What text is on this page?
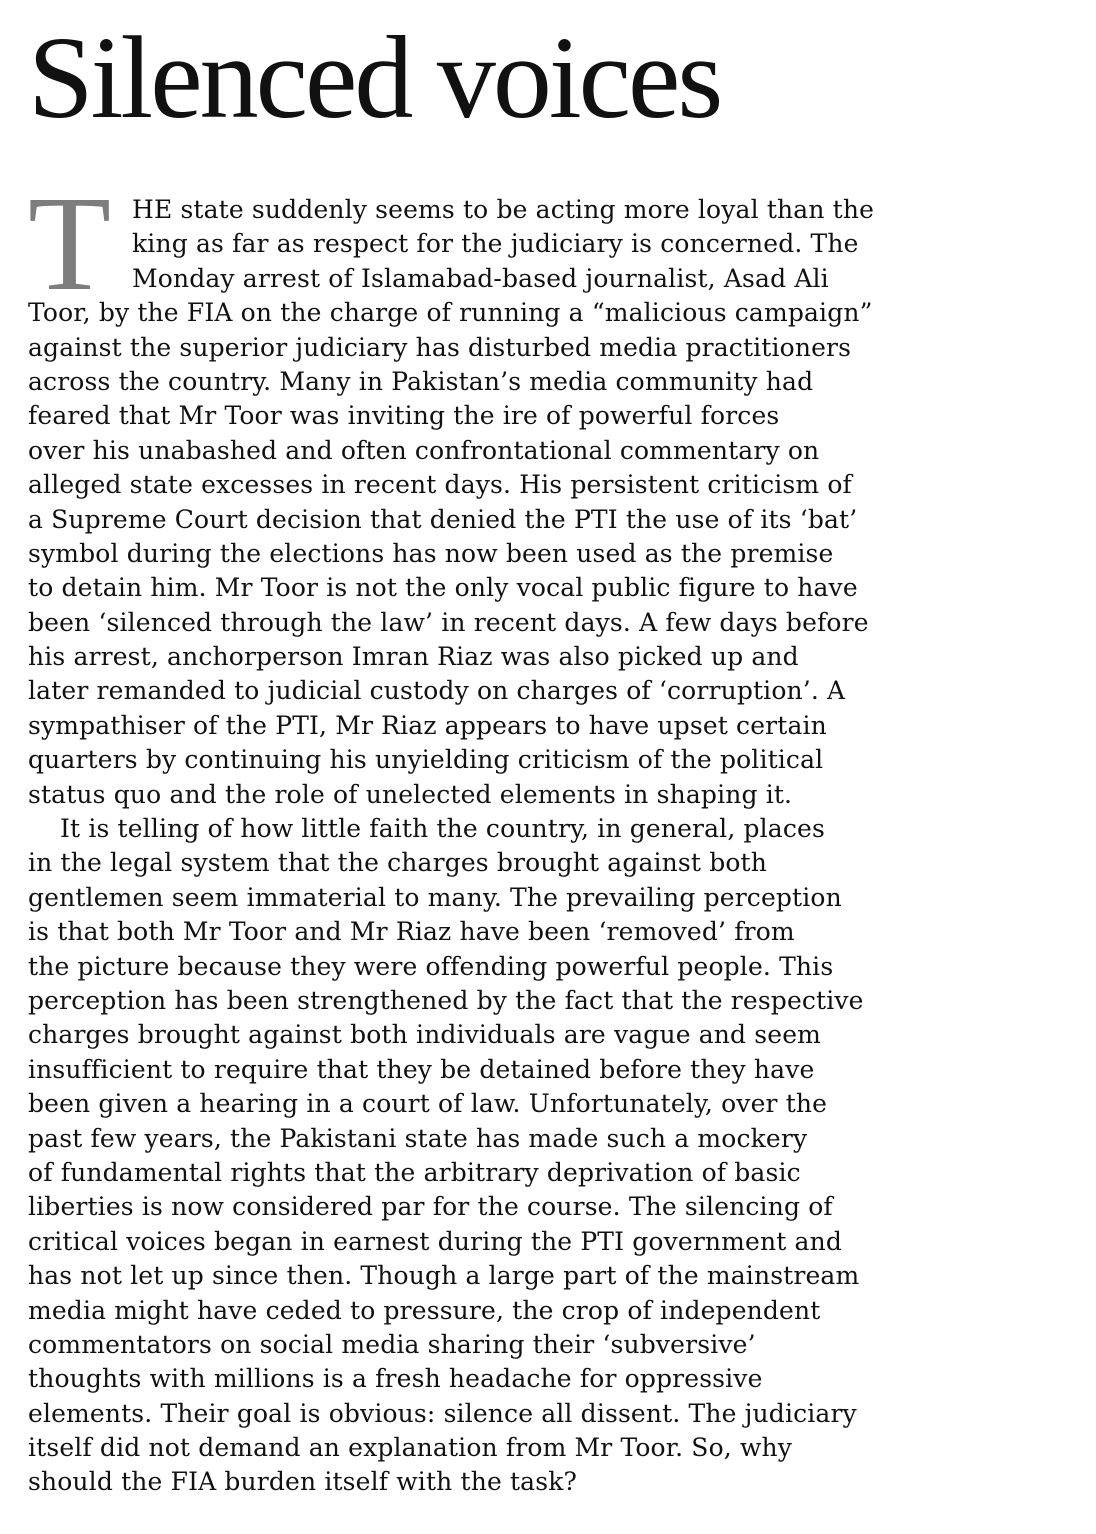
Silenced voices
T HE state suddenly seems to be acting more loyal than the
king as far as respect for the judiciary is concerned. The
Monday arrest of Islamabad-based journalist, Asad Ali
Toor, by the FIA on the charge of running a “malicious campaign”
against the superior judiciary has disturbed media practitioners
across the country. Many in Pakistan’s media community had
feared that Mr Toor was inviting the ire of powerful forces
over his unabashed and often confrontational commentary on
alleged state excesses in recent days. His persistent criticism of
a Supreme Court decision that denied the PTI the use of its ‘bat’
symbol during the elections has now been used as the premise
to detain him. Mr Toor is not the only vocal public figure to have
been ‘silenced through the law’ in recent days. A few days before
his arrest, anchorperson Imran Riaz was also picked up and
later remanded to judicial custody on charges of ‘corruption’. A
sympathiser of the PTI, Mr Riaz appears to have upset certain
quarters by continuing his unyielding criticism of the political
status quo and the role of unelected elements in shaping it.
It is telling of how little faith the country, in general, places
in the legal system that the charges brought against both
gentlemen seem immaterial to many. The prevailing perception
is that both Mr Toor and Mr Riaz have been ‘removed’ from
the picture because they were offending powerful people. This
perception has been strengthened by the fact that the respective
charges brought against both individuals are vague and seem
insufficient to require that they be detained before they have
been given a hearing in a court of law. Unfortunately, over the
past few years, the Pakistani state has made such a mockery
of fundamental rights that the arbitrary deprivation of basic
liberties is now considered par for the course. The silencing of
critical voices began in earnest during the PTI government and
has not let up since then. Though a large part of the mainstream
media might have ceded to pressure, the crop of independent
commentators on social media sharing their ‘subversive’
thoughts with millions is a fresh headache for oppressive
elements. Their goal is obvious: silence all dissent. The judiciary
itself did not demand an explanation from Mr Toor. So, why
should the FIA burden itself with the task?
